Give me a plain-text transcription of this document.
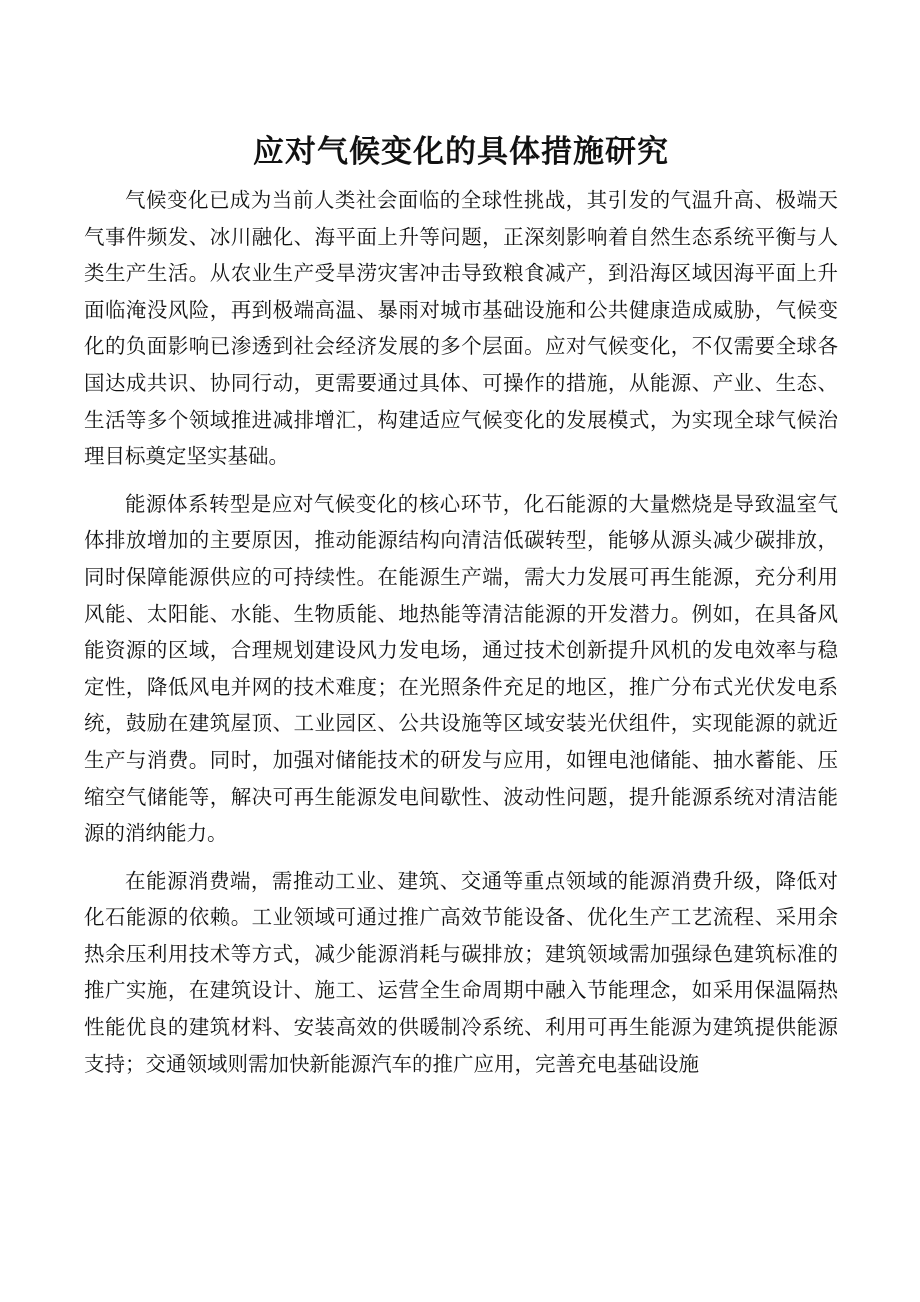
应对气候变化的具体措施研究

气候变化已成为当前人类社会面临的全球性挑战，其引发的气温升高、极端天气事件频发、冰川融化、海平面上升等问题，正深刻影响着自然生态系统平衡与人类生产生活。从农业生产受旱涝灾害冲击导致粮食减产，到沿海区域因海平面上升面临淹没风险，再到极端高温、暴雨对城市基础设施和公共健康造成威胁，气候变化的负面影响已渗透到社会经济发展的多个层面。应对气候变化，不仅需要全球各国达成共识、协同行动，更需要通过具体、可操作的措施，从能源、产业、生态、生活等多个领域推进减排增汇，构建适应气候变化的发展模式，为实现全球气候治理目标奠定坚实基础。

能源体系转型是应对气候变化的核心环节，化石能源的大量燃烧是导致温室气体排放增加的主要原因，推动能源结构向清洁低碳转型，能够从源头减少碳排放，同时保障能源供应的可持续性。在能源生产端，需大力发展可再生能源，充分利用风能、太阳能、水能、生物质能、地热能等清洁能源的开发潜力。例如，在具备风能资源的区域，合理规划建设风力发电场，通过技术创新提升风机的发电效率与稳定性，降低风电并网的技术难度；在光照条件充足的地区，推广分布式光伏发电系统，鼓励在建筑屋顶、工业园区、公共设施等区域安装光伏组件，实现能源的就近生产与消费。同时，加强对储能技术的研发与应用，如锂电池储能、抽水蓄能、压缩空气储能等，解决可再生能源发电间歇性、波动性问题，提升能源系统对清洁能源的消纳能力。

在能源消费端，需推动工业、建筑、交通等重点领域的能源消费升级，降低对化石能源的依赖。工业领域可通过推广高效节能设备、优化生产工艺流程、采用余热余压利用技术等方式，减少能源消耗与碳排放；建筑领域需加强绿色建筑标准的推广实施，在建筑设计、施工、运营全生命周期中融入节能理念，如采用保温隔热性能优良的建筑材料、安装高效的供暖制冷系统、利用可再生能源为建筑提供能源支持；交通领域则需加快新能源汽车的推广应用，完善充电基础设施
